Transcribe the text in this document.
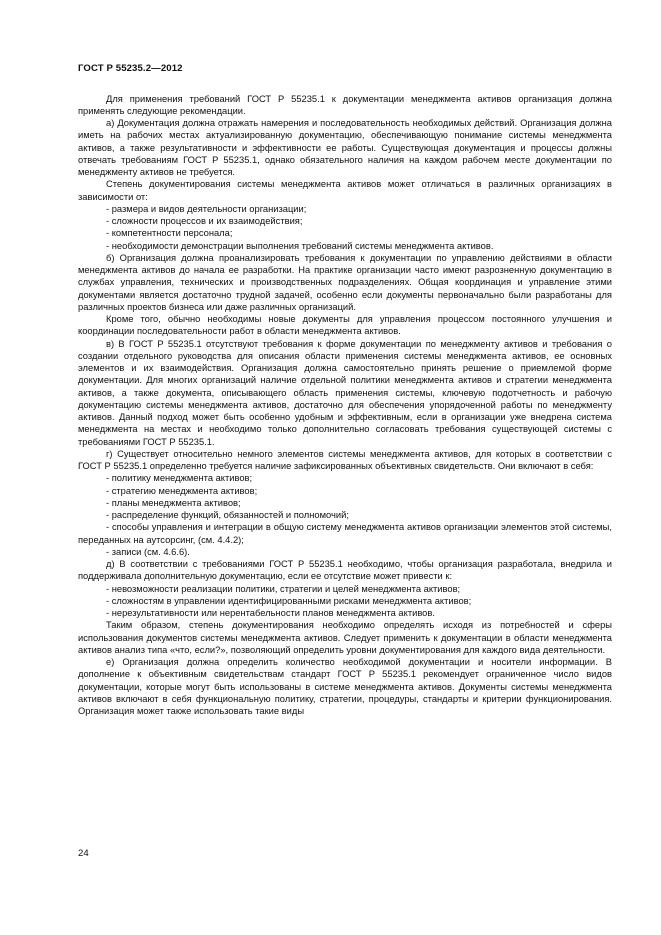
ГОСТ Р 55235.2—2012

Для применения требований ГОСТ Р 55235.1 к документации менеджмента активов организация должна применять следующие рекомендации.

а) Документация должна отражать намерения и последовательность необходимых действий. Организация должна иметь на рабочих местах актуализированную документацию, обеспечивающую понимание системы менеджмента активов, а также результативности и эффективности ее работы. Существующая документация и процессы должны отвечать требованиям ГОСТ Р 55235.1, однако обязательного наличия на каждом рабочем месте документации по менеджменту активов не требуется.

Степень документирования системы менеджмента активов может отличаться в различных организациях в зависимости от:

- размера и видов деятельности организации;

- сложности процессов и их взаимодействия;

- компетентности персонала;

- необходимости демонстрации выполнения требований системы менеджмента активов.

б) Организация должна проанализировать требования к документации по управлению действиями в области менеджмента активов до начала ее разработки. На практике организации часто имеют разрозненную документацию в службах управления, технических и производственных подразделениях. Общая координация и управление этими документами является достаточно трудной задачей, особенно если документы первоначально были разработаны для различных проектов бизнеса или даже различных организаций.

Кроме того, обычно необходимы новые документы для управления процессом постоянного улучшения и координации последовательности работ в области менеджмента активов.

в) В ГОСТ Р 55235.1 отсутствуют требования к форме документации по менеджменту активов и требования о создании отдельного руководства для описания области применения системы менеджмента активов, ее основных элементов и их взаимодействия. Организация должна самостоятельно принять решение о приемлемой форме документации. Для многих организаций наличие отдельной политики менеджмента активов и стратегии менеджмента активов, а также документа, описывающего область применения системы, ключевую подотчетность и рабочую документацию системы менеджмента активов, достаточно для обеспечения упорядоченной работы по менеджменту активов. Данный подход может быть особенно удобным и эффективным, если в организации уже внедрена система менеджмента на местах и необходимо только дополнительно согласовать требования существующей системы с требованиями ГОСТ Р 55235.1.

г) Существует относительно немного элементов системы менеджмента активов, для которых в соответствии с ГОСТ Р 55235.1 определенно требуется наличие зафиксированных объективных свидетельств. Они включают в себя:

- политику менеджмента активов;

- стратегию менеджмента активов;

- планы менеджмента активов;

- распределение функций, обязанностей и полномочий;

- способы управления и интеграции в общую систему менеджмента активов организации элементов этой системы, переданных на аутсорсинг, (см. 4.4.2);

- записи (см. 4.6.6).

д) В соответствии с требованиями ГОСТ Р 55235.1 необходимо, чтобы организация разработала, внедрила и поддерживала дополнительную документацию, если ее отсутствие может привести к:

- невозможности реализации политики, стратегии и целей менеджмента активов;

- сложностям в управлении идентифицированными рисками менеджмента активов;

- нерезультативности или нерентабельности планов менеджмента активов.

Таким образом, степень документирования необходимо определять исходя из потребностей и сферы использования документов системы менеджмента активов. Следует применить к документации в области менеджмента активов анализ типа «что, если?», позволяющий определить уровни документирования для каждого вида деятельности.

е) Организация должна определить количество необходимой документации и носители информации. В дополнение к объективным свидетельствам стандарт ГОСТ Р 55235.1 рекомендует ограниченное число видов документации, которые могут быть использованы в системе менеджмента активов. Документы системы менеджмента активов включают в себя функциональную политику, стратегии, процедуры, стандарты и критерии функционирования. Организация может также использовать такие виды

24
